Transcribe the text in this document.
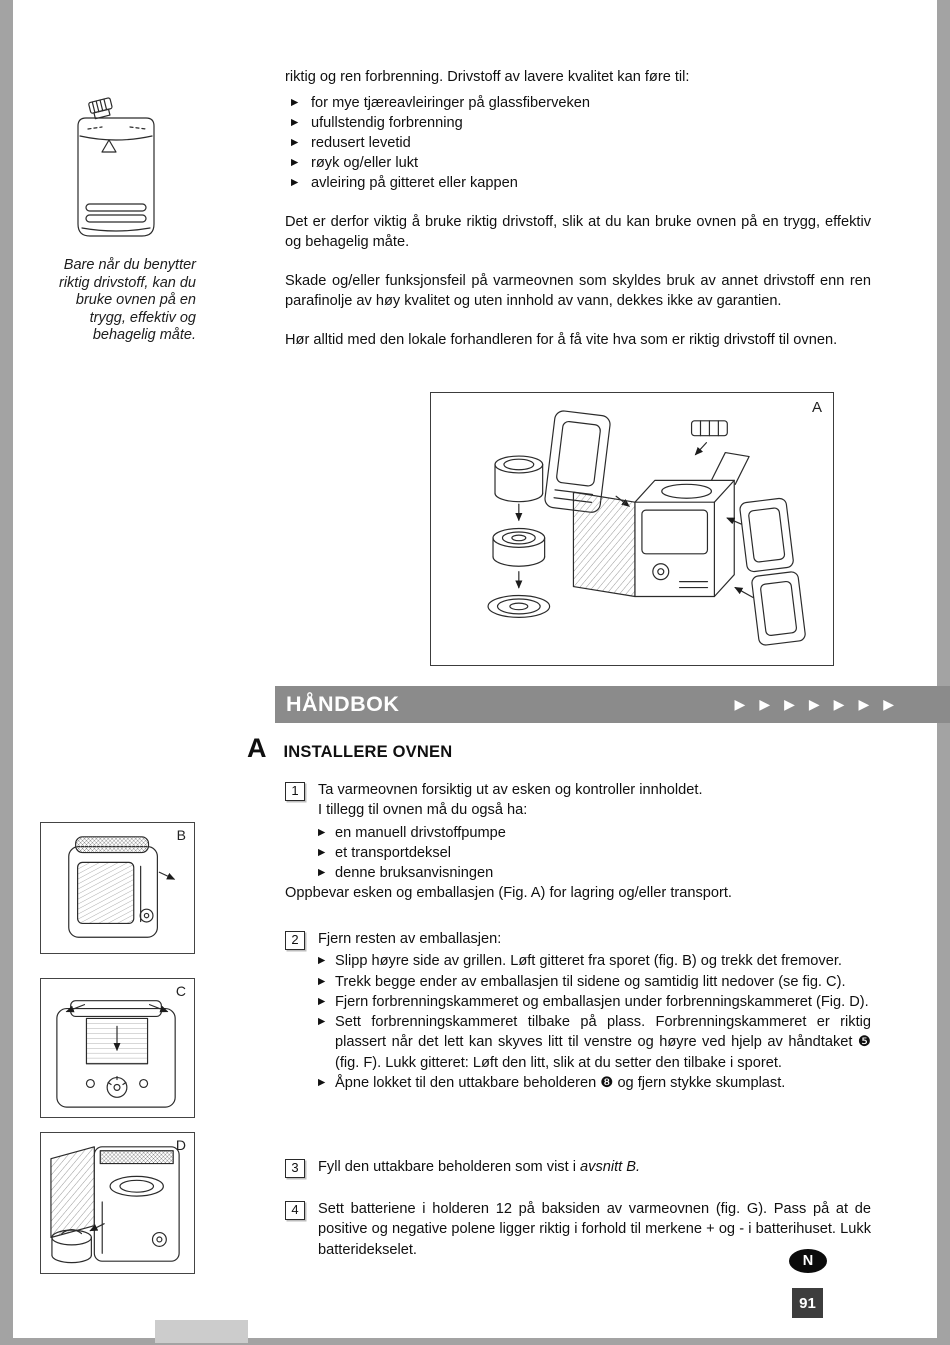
Bare når du benytter riktig drivstoff, kan du bruke ovnen på en trygg, effektiv og behagelig måte.

riktig og ren forbrenning. Drivstoff av lavere kvalitet kan føre til:

▶ for mye tjæreavleiringer på glassfiberveken
▶ ufullstendig forbrenning
▶ redusert levetid
▶ røyk og/eller lukt
▶ avleiring på gitteret eller kappen

Det er derfor viktig å bruke riktig drivstoff, slik at du kan bruke ovnen på en trygg, effektiv og behagelig måte.

Skade og/eller funksjonsfeil på varmeovnen som skyldes bruk av annet drivstoff enn ren parafinolje av høy kvalitet og uten innhold av vann, dekkes ikke av garantien.

Hør alltid med den lokale forhandleren for å få vite hva som er riktig drivstoff til ovnen.

A
HÅNDBOK	▶ ▶ ▶ ▶ ▶ ▶ ▶
A INSTALLERE OVNEN
1	Ta varmeovnen forsiktig ut av esken og kontroller innholdet.

I tillegg til ovnen må du også ha:

▶ en manuell drivstoffpumpe
▶ et transportdeksel
▶ denne bruksanvisningen

Oppbevar esken og emballasjen (Fig. A) for lagring og/eller transport.

2	Fjern resten av emballasjen:

▶ Slipp høyre side av grillen. Løft gitteret fra sporet (fig. B) og trekk det fremover.
▶ Trekk begge ender av emballasjen til sidene og samtidig litt nedover (se fig. C).
▶ Fjern forbrenningskammeret og emballasjen under forbrenningskammeret (Fig. D).
▶ Sett forbrenningskammeret tilbake på plass. Forbrenningskammeret er riktig plassert når det lett kan skyves litt til venstre og høyre ved hjelp av håndtaket ❺ (fig. F). Lukk gitteret: Løft den litt, slik at du setter den tilbake i sporet.
▶ Åpne lokket til den uttakbare beholderen ❽ og fjern stykke skumplast.
3	Fyll den uttakbare beholderen som vist i avsnitt B.

4	Sett batteriene i holderen 12 på baksiden av varmeovnen (fig. G). Pass på at de positive og negative polene ligger riktig i forhold til merkene + og - i batterihuset. Lukk batteridekselet.

B
C
D
N
91
